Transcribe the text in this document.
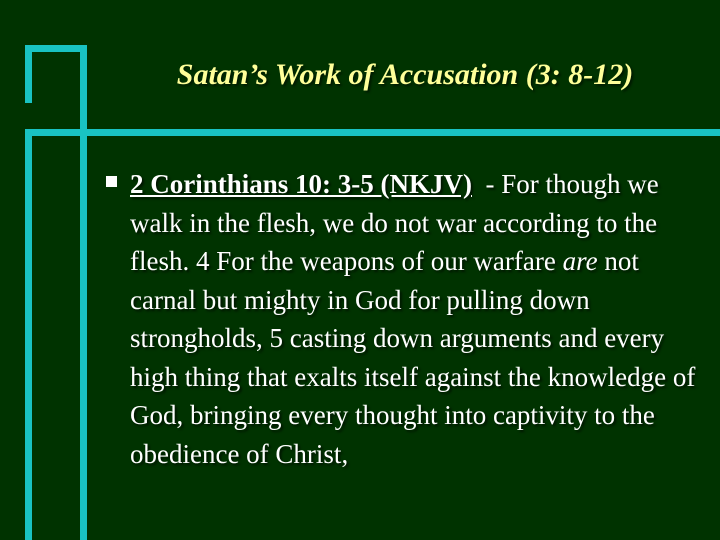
Satan’s Work of Accusation (3: 8-12)
2 Corinthians 10: 3-5 (NKJV)  - For though we walk in the flesh, we do not war according to the flesh. 4 For the weapons of our warfare are not carnal but mighty in God for pulling down strongholds, 5 casting down arguments and every high thing that exalts itself against the knowledge of God, bringing every thought into captivity to the obedience of Christ,
